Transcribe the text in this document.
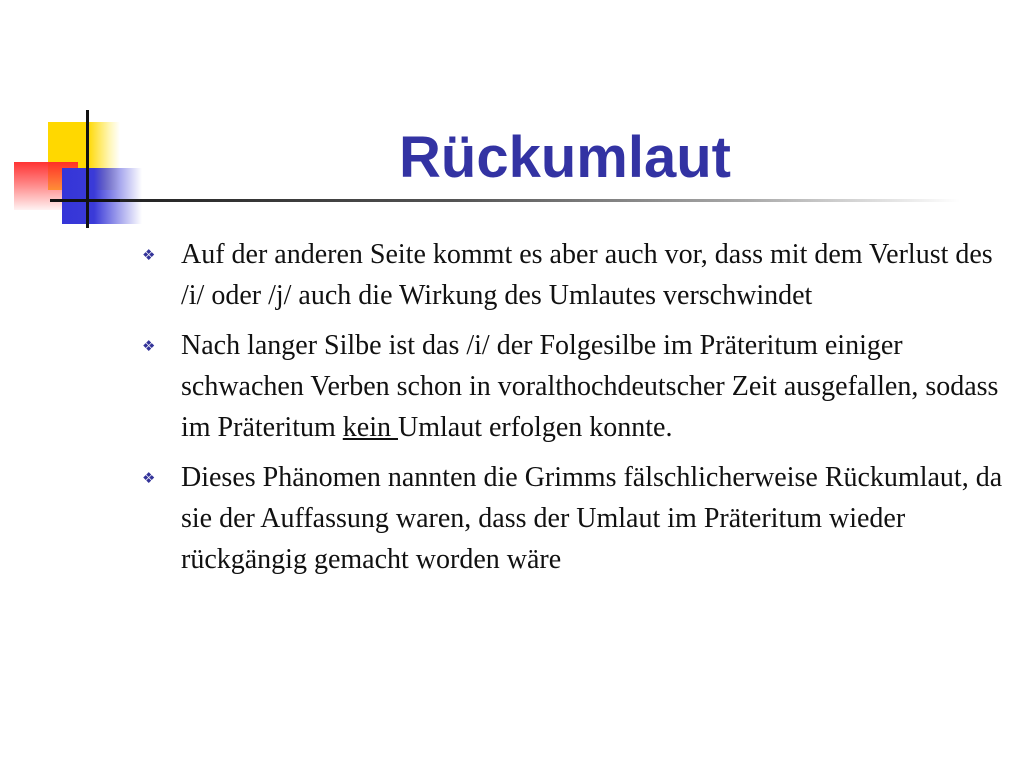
Rückumlaut
❖ Auf der anderen Seite kommt es aber auch vor, dass mit dem Verlust des /i/ oder /j/ auch die Wirkung des Umlautes verschwindet
❖ Nach langer Silbe ist das /i/ der Folgesilbe im Präteritum einiger schwachen Verben schon in voralthochdeutscher Zeit ausgefallen, sodass im Präteritum kein Umlaut erfolgen konnte.
❖ Dieses Phänomen nannten die Grimms fälschlicherweise Rückumlaut, da sie der Auffassung waren, dass der Umlaut im Präteritum wieder rückgängig gemacht worden wäre
